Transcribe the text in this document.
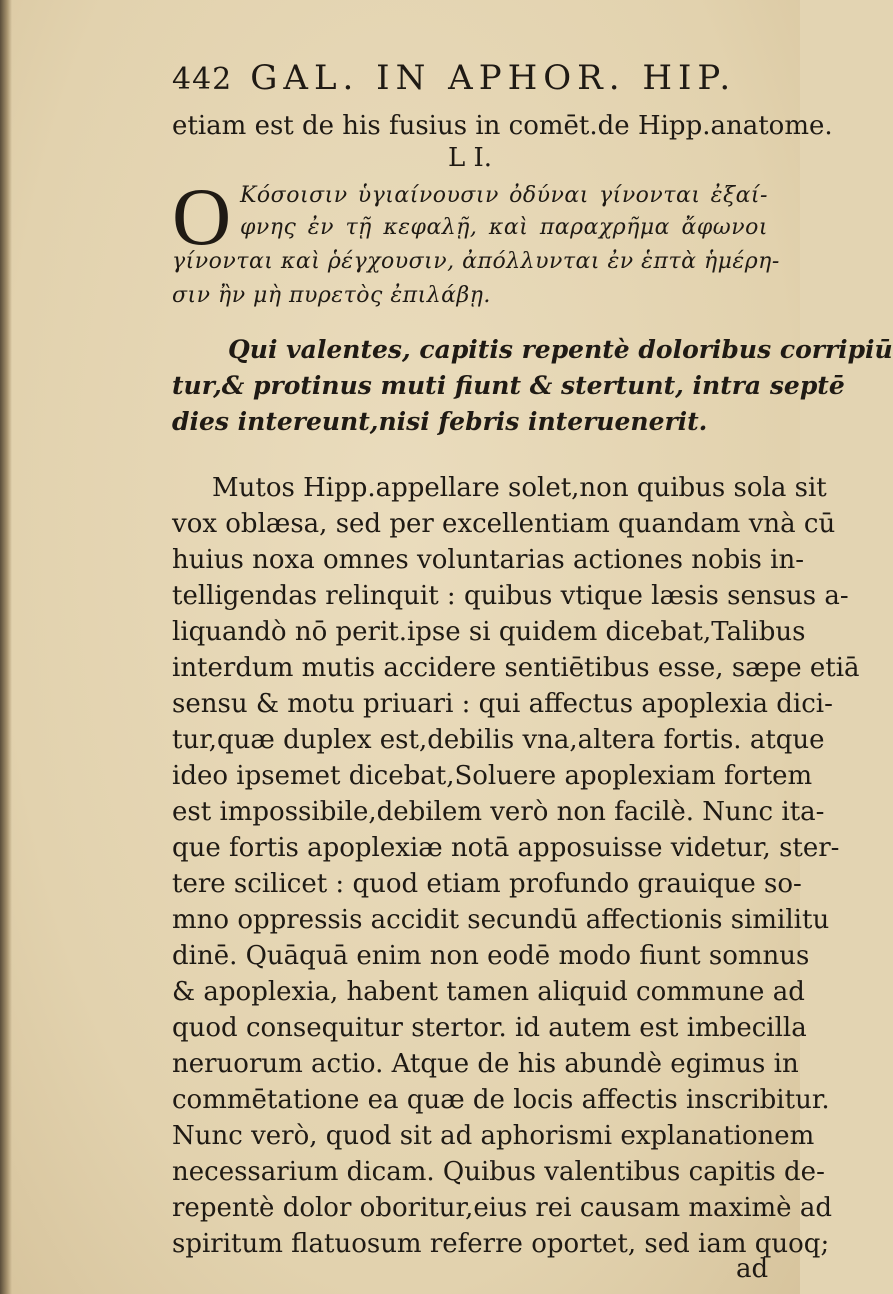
442 GAL. IN APHOR. HIP.
etiam est de his fusius in comēt.de Hipp.anatome.
L I.
O Κόσοισιν ὑγιαίνουσιν ὀδύναι γίνονται ἐξαί-
φνης ἐν τῇ κεφαλῇ, καὶ παραχρῆμα ἄφωνοι
γίνονται καὶ ῥέγχουσιν, ἀπόλλυνται ἐν ἑπτὰ ἡμέρη-
σιν ἢν μὴ πυρετὸς ἐπιλάβῃ.
Qui valentes, capitis repentè doloribus corripiū
tur,& protinus muti fiunt & stertunt, intra septē
dies intereunt,nisi febris interuenerit.
Mutos Hipp.appellare solet,non quibus sola sit
vox oblæsa, sed per excellentiam quandam vnà cū
huius noxa omnes voluntarias actiones nobis in-
telligendas relinquit : quibus vtique læsis sensus a-
liquandò nō perit.ipse si quidem dicebat,Talibus
interdum mutis accidere sentiētibus esse, sæpe etiā
sensu & motu priuari : qui affectus apoplexia dici-
tur,quæ duplex est,debilis vna,altera fortis. atque
ideo ipsemet dicebat,Soluere apoplexiam fortem
est impossibile,debilem verò non facilè. Nunc ita-
que fortis apoplexiæ notā apposuisse videtur, ster-
tere scilicet : quod etiam profundo grauique so-
mno oppressis accidit secundū affectionis similitu
dinē. Quāquā enim non eodē modo fiunt somnus
& apoplexia, habent tamen aliquid commune ad
quod consequitur stertor. id autem est imbecilla
neruorum actio. Atque de his abundè egimus in
commētatione ea quæ de locis affectis inscribitur.
Nunc verò, quod sit ad aphorismi explanationem
necessarium dicam. Quibus valentibus capitis de-
repentè dolor oboritur,eius rei causam maximè ad
spiritum flatuosum referre oportet, sed iam quoq;
ad
